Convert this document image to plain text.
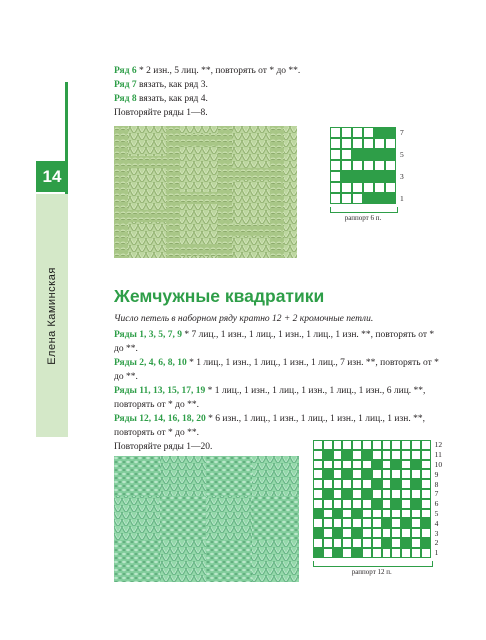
14
Елена Каминская
Ряд 6 * 2 изн., 5 лиц. **, повторять от * до **.
Ряд 7 вязать, как ряд 3.
Ряд 8 вязать, как ряд 4.
Повторяйте ряды 1—8.
7
5
3
1
раппорт 6 п.
Жемчужные квадратики
Число петель в наборном ряду кратно 12 + 2 кромочные петли.
Ряды 1, 3, 5, 7, 9 * 7 лиц., 1 изн., 1 лиц., 1 изн., 1 лиц., 1 изн. **, повторять от * до **.
Ряды 2, 4, 6, 8, 10 * 1 лиц., 1 изн., 1 лиц., 1 изн., 1 лиц., 7 изн. **, повторять от * до **.
Ряды 11, 13, 15, 17, 19 * 1 лиц., 1 изн., 1 лиц., 1 изн., 1 лиц., 1 изн., 6 лиц. **, повторять от * до **.
Ряды 12, 14, 16, 18, 20 * 6 изн., 1 лиц., 1 изн., 1 лиц., 1 изн., 1 лиц., 1 изн. **, повторять от * до **.
Повторяйте ряды 1—20.	12
11
10
9
8
7
6
5
4
3
2
1
раппорт 12 п.
